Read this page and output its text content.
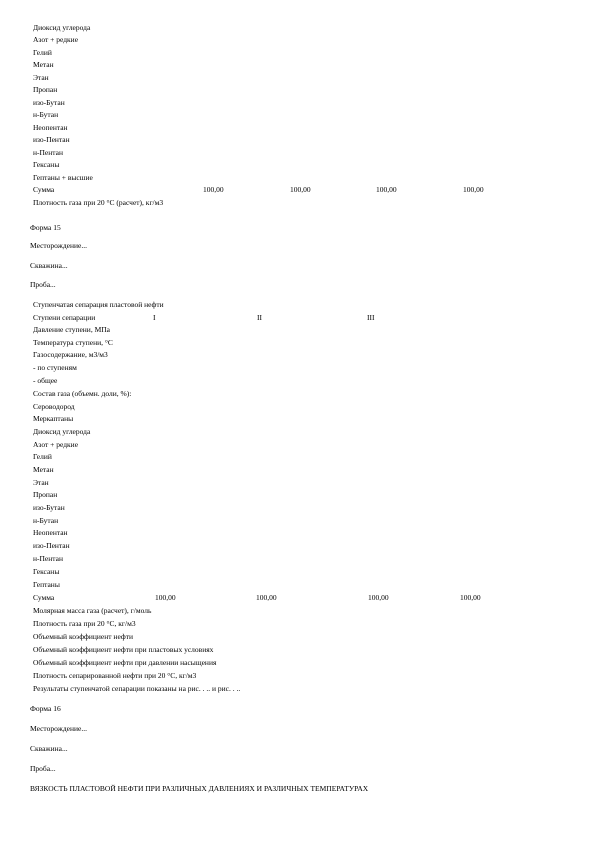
Диоксид углерода
Азот + редкие
Гелий
Метан
Этан
Пропан
изо-Бутан
н-Бутан
Неопентан
изо-Пентан
н-Пентан
Гексаны
Гептаны + высшие
Сумма	100,00	100,00	100,00	100,00
Плотность газа при 20 °С (расчет), кг/м3
Форма 15
Месторождение...
Скважина...
Проба...
Ступенчатая сепарация пластовой нефти
Ступени сепарации	I	II	III
Давление ступени, МПа
Температура ступени, °С
Газосодержание, м3/м3
- по ступеням
- общее
Состав газа (объемн. доли, %):
Сероводород
Меркаптаны
Диоксид углерода
Азот + редкие
Гелий
Метан
Этан
Пропан
изо-Бутан
н-Бутан
Неопентан
изо-Пентан
н-Пентан
Гексаны
Гептаны
Сумма	100,00	100,00	100,00	100,00
Молярная масса газа (расчет), г/моль
Плотность газа при 20 °С, кг/м3
Объемный коэффициент нефти
Объемный коэффициент нефти при пластовых условиях
Объемный коэффициент нефти при давлении насыщения
Плотность сепарированной нефти при 20 °С, кг/м3
Результаты ступенчатой сепарации показаны на рис. . .. и рис. . ..
Форма 16
Месторождение...
Скважина...
Проба...
ВЯЗКОСТЬ ПЛАСТОВОЙ НЕФТИ ПРИ РАЗЛИЧНЫХ ДАВЛЕНИЯХ И РАЗЛИЧНЫХ ТЕМПЕРАТУРАХ
